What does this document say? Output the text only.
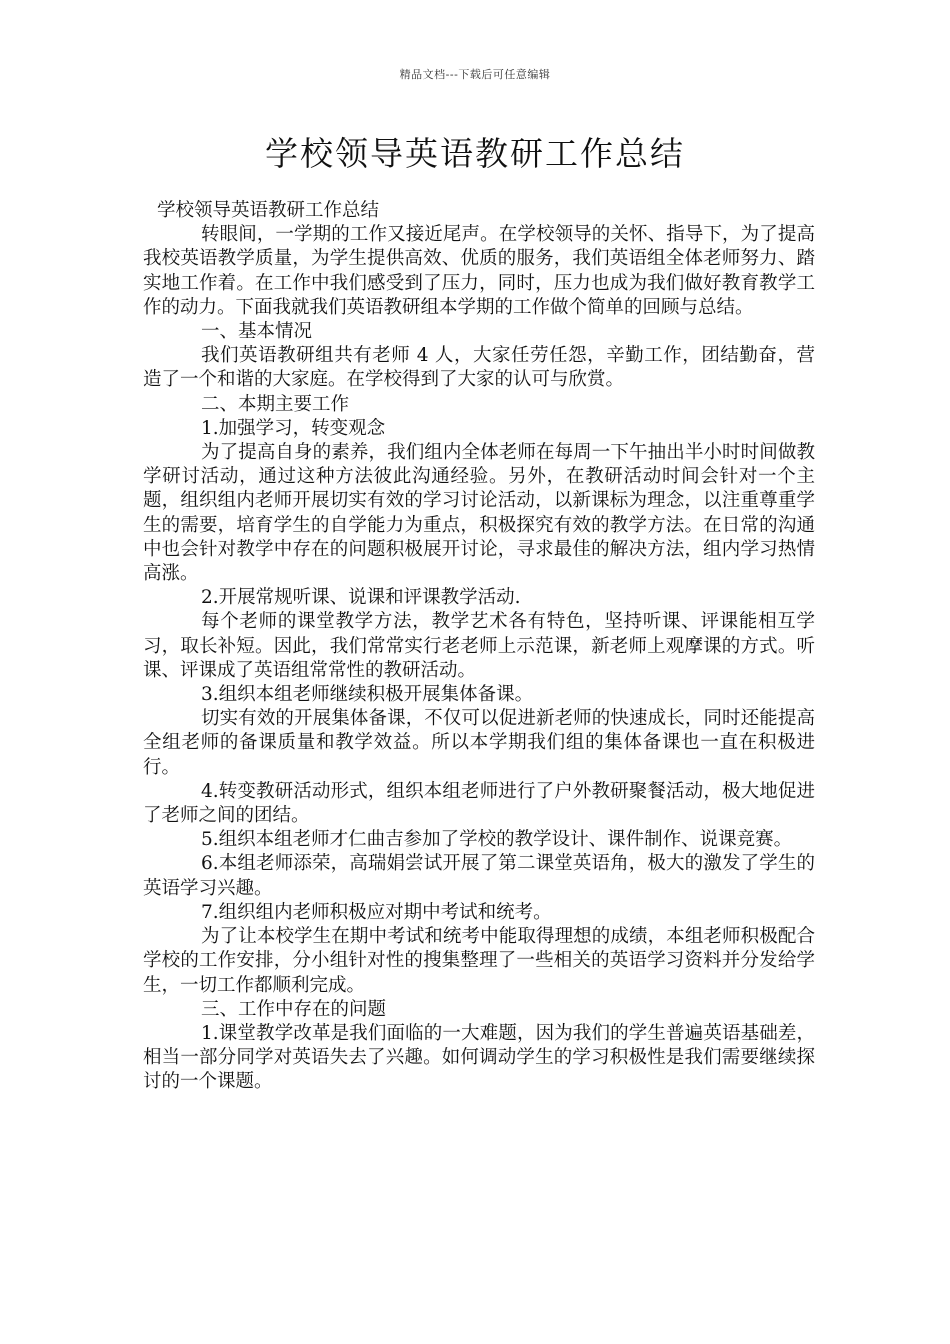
精品文档---下载后可任意编辑
学校领导英语教研工作总结

学校领导英语教研工作总结

转眼间，一学期的工作又接近尾声。在学校领导的关怀、指导下，为了提高我校英语教学质量，为学生提供高效、优质的服务，我们英语组全体老师努力、踏实地工作着。在工作中我们感受到了压力，同时，压力也成为我们做好教育教学工作的动力。下面我就我们英语教研组本学期的工作做个简单的回顾与总结。

一、基本情况

我们英语教研组共有老师 4 人，大家任劳任怨，辛勤工作，团结勤奋，营造了一个和谐的大家庭。在学校得到了大家的认可与欣赏。

二、本期主要工作

1.加强学习，转变观念

为了提高自身的素养，我们组内全体老师在每周一下午抽出半小时时间做教学研讨活动，通过这种方法彼此沟通经验。另外，在教研活动时间会针对一个主题，组织组内老师开展切实有效的学习讨论活动，以新课标为理念，以注重尊重学生的需要，培育学生的自学能力为重点，积极探究有效的教学方法。在日常的沟通中也会针对教学中存在的问题积极展开讨论，寻求最佳的解决方法，组内学习热情高涨。

2.开展常规听课、说课和评课教学活动.

每个老师的课堂教学方法，教学艺术各有特色，坚持听课、评课能相互学习，取长补短。因此，我们常常实行老老师上示范课，新老师上观摩课的方式。听课、评课成了英语组常常性的教研活动。

3.组织本组老师继续积极开展集体备课。

切实有效的开展集体备课，不仅可以促进新老师的快速成长，同时还能提高全组老师的备课质量和教学效益。所以本学期我们组的集体备课也一直在积极进行。

4.转变教研活动形式，组织本组老师进行了户外教研聚餐活动，极大地促进了老师之间的团结。

5.组织本组老师才仁曲吉参加了学校的教学设计、课件制作、说课竞赛。

6.本组老师添荣，高瑞娟尝试开展了第二课堂英语角，极大的激发了学生的英语学习兴趣。

7.组织组内老师积极应对期中考试和统考。

为了让本校学生在期中考试和统考中能取得理想的成绩，本组老师积极配合学校的工作安排，分小组针对性的搜集整理了一些相关的英语学习资料并分发给学生，一切工作都顺利完成。

三、工作中存在的问题

1.课堂教学改革是我们面临的一大难题，因为我们的学生普遍英语基础差，相当一部分同学对英语失去了兴趣。如何调动学生的学习积极性是我们需要继续探讨的一个课题。
